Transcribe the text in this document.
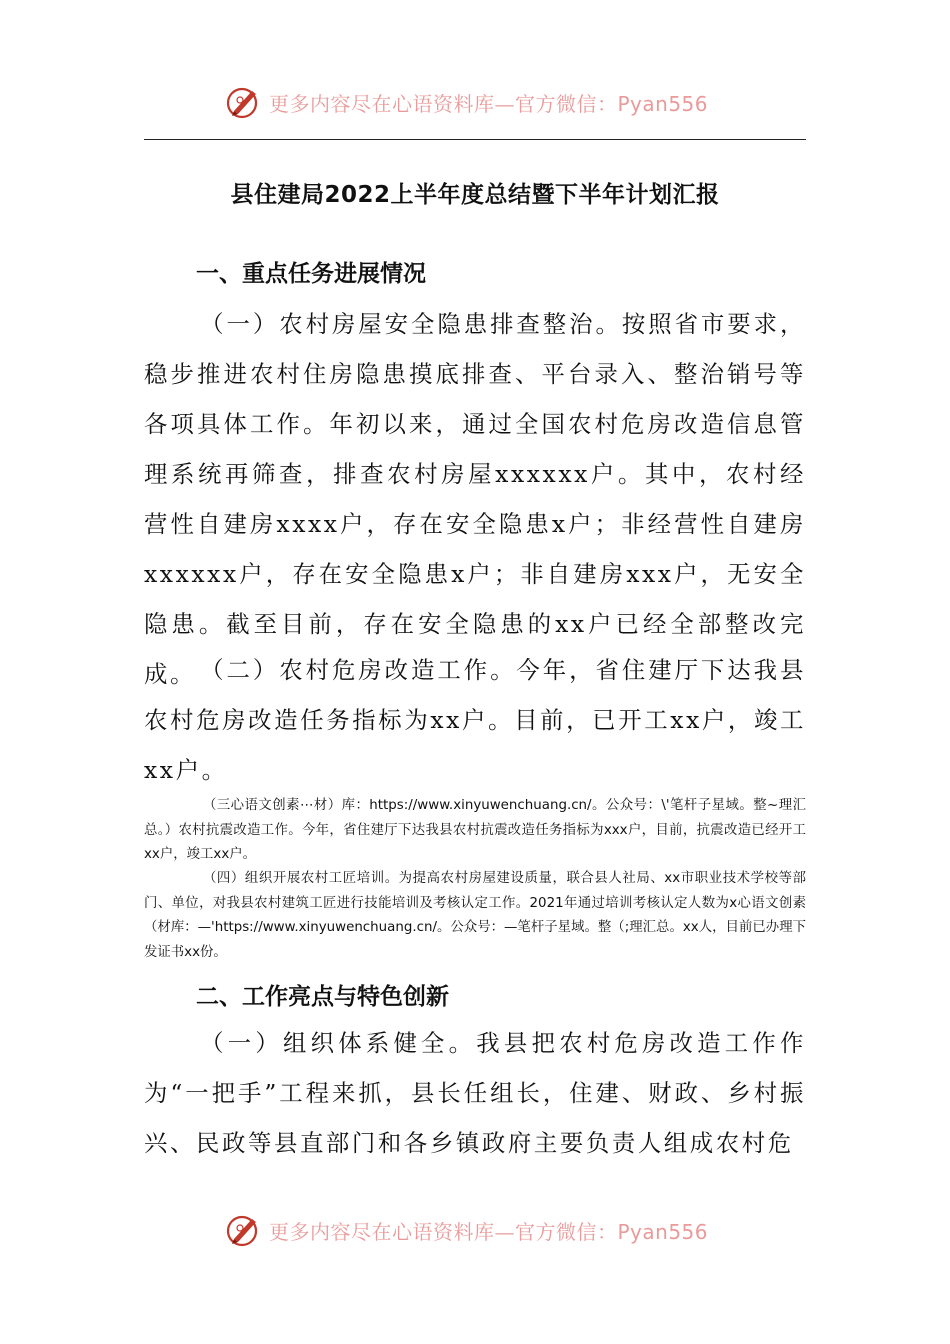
更多内容尽在心语资料库—官方微信：Pyan556
县住建局2022上半年度总结暨下半年计划汇报
一、重点任务进展情况
（一）农村房屋安全隐患排查整治。按照省市要求，稳步推进农村住房隐患摸底排查、平台录入、整治销号等各项具体工作。年初以来，通过全国农村危房改造信息管理系统再筛查，排查农村房屋xxxxxx户。其中，农村经营性自建房xxxx户，存在安全隐患x户；非经营性自建房xxxxxx户，存在安全隐患x户；非自建房xxx户，无安全隐患。截至目前，存在安全隐患的xx户已经全部整改完成。 （二）农村危房改造工作。今年，省住建厅下达我县农村危房改造任务指标为xx户。目前，已开工xx户，竣工xx户。
（三心语文创素⋯材）库：https://www.xinyuwenchuang.cn/。公众号：\'笔杆子星域。整~理汇总。）农村抗震改造工作。今年，省住建厅下达我县农村抗震改造任务指标为xxx户，目前，抗震改造已经开工xx户，竣工xx户。
（四）组织开展农村工匠培训。为提高农村房屋建设质量，联合县人社局、xx市职业技术学校等部门、单位，对我县农村建筑工匠进行技能培训及考核认定工作。2021年通过培训考核认定人数为x心语文创素（材库：—'https://www.xinyuwenchuang.cn/。公众号：—笔杆子星域。整（;理汇总。xx人，目前已办理下发证书xx份。
二、工作亮点与特色创新
（一）组织体系健全。我县把农村危房改造工作作为“一把手”工程来抓，县长任组长，住建、财政、乡村振兴、民政等县直部门和各乡镇政府主要负责人组成农村危
更多内容尽在心语资料库—官方微信：Pyan556
